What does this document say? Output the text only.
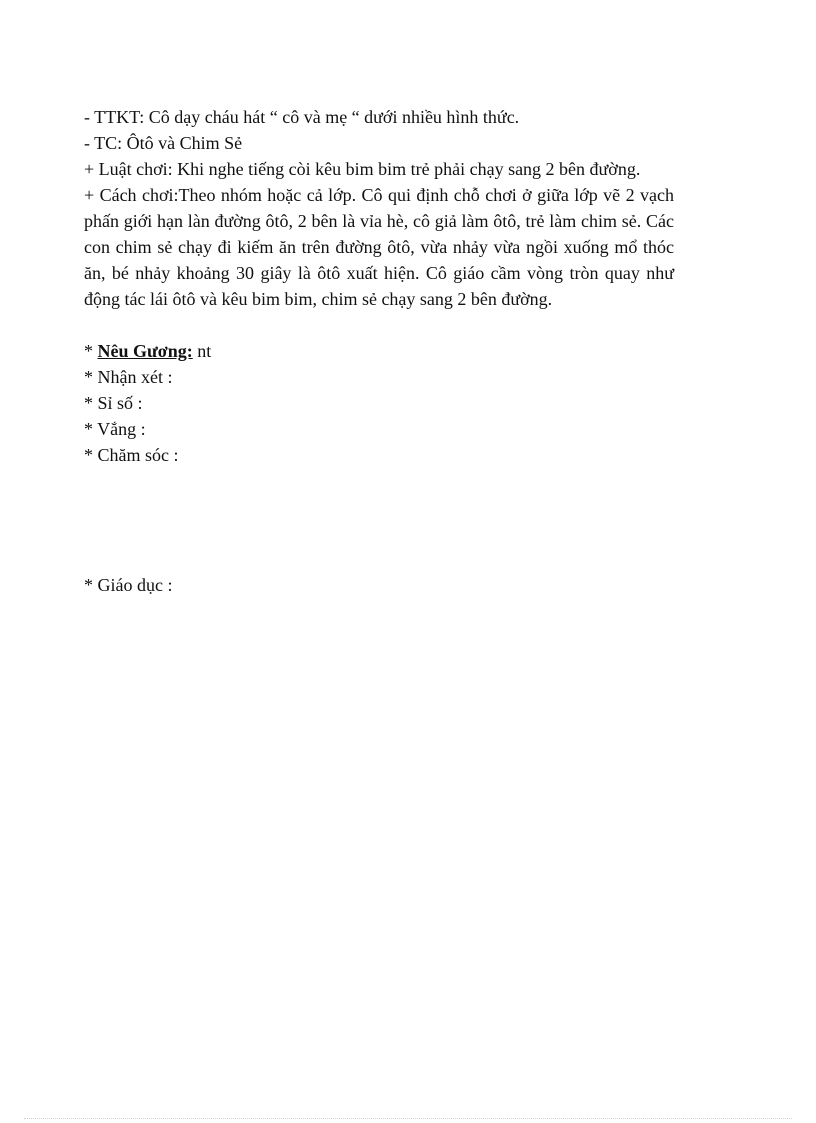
- TTKT: Cô dạy cháu hát “ cô và mẹ “ dưới nhiều hình thức.
- TC: Ôtô và Chim Sẻ
+ Luật chơi: Khi nghe tiếng còi kêu bim bim trẻ phải chạy sang 2 bên đường.
+ Cách chơi:Theo nhóm hoặc cả lớp. Cô qui định chỗ chơi ở giữa lớp vẽ 2 vạch phấn giới hạn làn đường ôtô, 2 bên là vỉa hè, cô giả làm ôtô, trẻ làm chim sẻ. Các con chim sẻ chạy đi kiếm ăn trên đường ôtô, vừa nhảy vừa ngồi xuống mổ thóc ăn, bé nhảy khoảng 30 giây là ôtô xuất hiện. Cô giáo cầm vòng tròn quay như động tác lái ôtô và kêu bim bim, chim sẻ chạy sang 2 bên đường.
* Nêu Gương: nt
* Nhận xét :
* Sỉ số :
* Vắng :
* Chăm sóc :
* Giáo dục :
